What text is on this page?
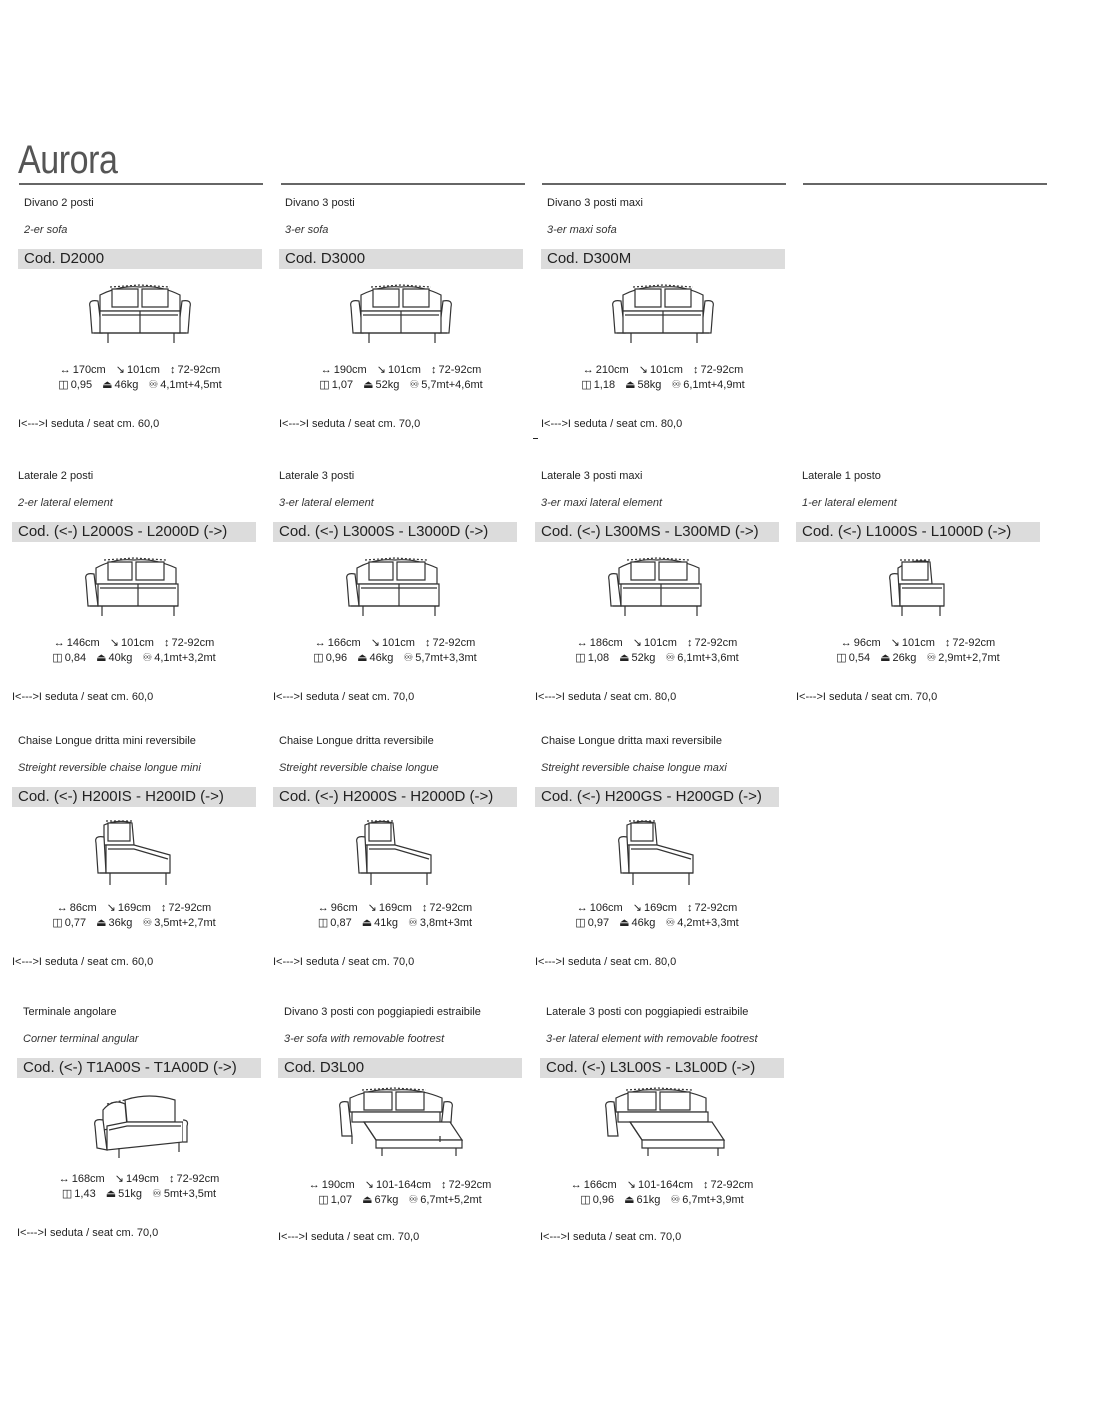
Aurora
Divano 2 posti
2-er sofa
Cod. D2000
↔ 170cm ↘ 101cm ↕ 72-92cm
◫ 0,95 ⏏ 46kg ♾ 4,1mt+4,5mt
I<--->I seduta / seat cm. 60,0
Divano 3 posti
3-er sofa
Cod. D3000
↔ 190cm ↘ 101cm ↕ 72-92cm
◫ 1,07 ⏏ 52kg ♾ 5,7mt+4,6mt
I<--->I seduta / seat cm. 70,0
Divano 3 posti maxi
3-er maxi sofa
Cod. D300M
↔ 210cm ↘ 101cm ↕ 72-92cm
◫ 1,18 ⏏ 58kg ♾ 6,1mt+4,9mt
I<--->I seduta / seat cm. 80,0
Laterale 2 posti
2-er lateral element
Cod. (<-) L2000S - L2000D (->)
↔ 146cm ↘ 101cm ↕ 72-92cm
◫ 0,84 ⏏ 40kg ♾ 4,1mt+3,2mt
I<--->I seduta / seat cm. 60,0
Laterale 3 posti
3-er lateral element
Cod. (<-) L3000S - L3000D (->)
↔ 166cm ↘ 101cm ↕ 72-92cm
◫ 0,96 ⏏ 46kg ♾ 5,7mt+3,3mt
I<--->I seduta / seat cm. 70,0
Laterale 3 posti maxi
3-er maxi lateral element
Cod. (<-) L300MS - L300MD (->)
↔ 186cm ↘ 101cm ↕ 72-92cm
◫ 1,08 ⏏ 52kg ♾ 6,1mt+3,6mt
I<--->I seduta / seat cm. 80,0
Laterale 1 posto
1-er lateral element
Cod. (<-) L1000S - L1000D (->)
↔ 96cm ↘ 101cm ↕ 72-92cm
◫ 0,54 ⏏ 26kg ♾ 2,9mt+2,7mt
I<--->I seduta / seat cm. 70,0
Chaise Longue dritta mini reversibile
Streight reversible chaise longue mini
Cod. (<-) H200IS - H200ID (->)
↔ 86cm ↘ 169cm ↕ 72-92cm
◫ 0,77 ⏏ 36kg ♾ 3,5mt+2,7mt
I<--->I seduta / seat cm. 60,0
Chaise Longue dritta reversibile
Streight reversible chaise longue
Cod. (<-) H2000S - H2000D (->)
↔ 96cm ↘ 169cm ↕ 72-92cm
◫ 0,87 ⏏ 41kg ♾ 3,8mt+3mt
I<--->I seduta / seat cm. 70,0
Chaise Longue dritta maxi reversibile
Streight reversible chaise longue maxi
Cod. (<-) H200GS - H200GD (->)
↔ 106cm ↘ 169cm ↕ 72-92cm
◫ 0,97 ⏏ 46kg ♾ 4,2mt+3,3mt
I<--->I seduta / seat cm. 80,0
Terminale angolare
Corner terminal angular
Cod. (<-) T1A00S - T1A00D (->)
↔ 168cm ↘ 149cm ↕ 72-92cm
◫ 1,43 ⏏ 51kg ♾ 5mt+3,5mt
I<--->I seduta / seat cm. 70,0
Divano 3 posti con poggiapiedi estraibile
3-er sofa with removable footrest
Cod. D3L00
↔ 190cm ↘ 101-164cm ↕ 72-92cm
◫ 1,07 ⏏ 67kg ♾ 6,7mt+5,2mt
I<--->I seduta / seat cm. 70,0
Laterale 3 posti con poggiapiedi estraibile
3-er lateral element with removable footrest
Cod. (<-) L3L00S - L3L00D (->)
↔ 166cm ↘ 101-164cm ↕ 72-92cm
◫ 0,96 ⏏ 61kg ♾ 6,7mt+3,9mt
I<--->I seduta / seat cm. 70,0
